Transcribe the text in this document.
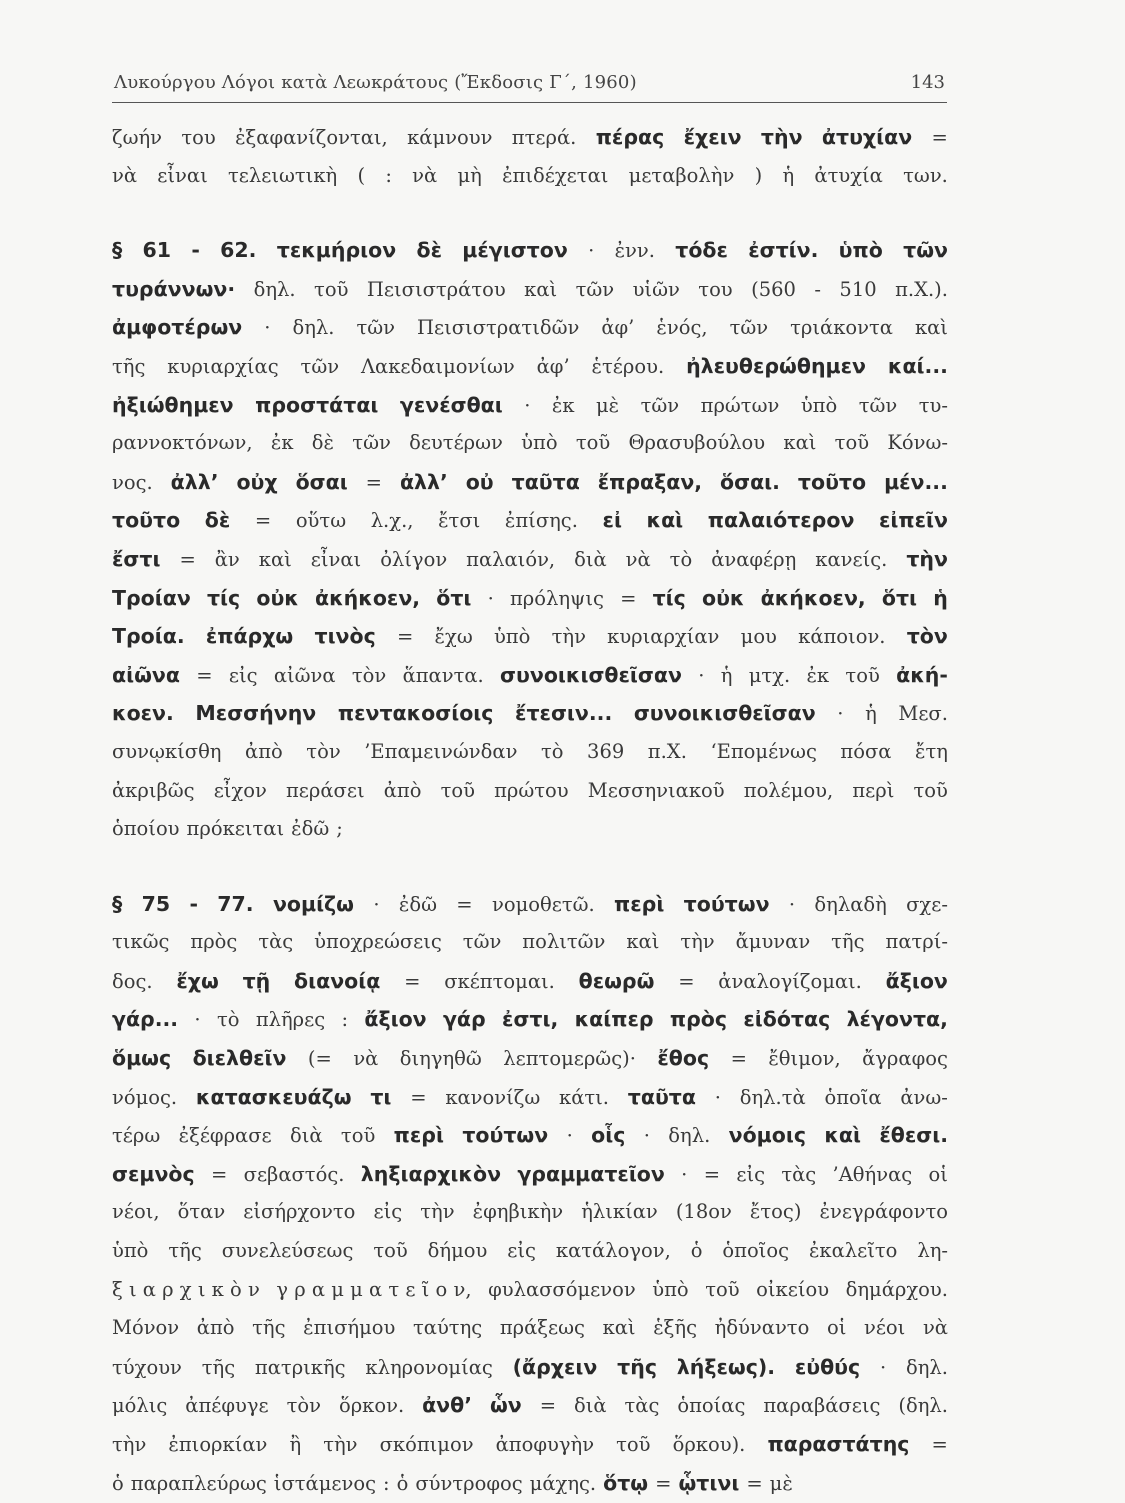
Λυκούργου Λόγοι κατὰ Λεωκράτους (Ἔκδοσις Γ΄, 1960)	143
ζωήν του ἐξαφανίζονται, κάμνουν πτερά. πέρας ἔχειν τὴν ἀτυχίαν =
νὰ εἶναι τελειωτικὴ ( : νὰ μὴ ἐπιδέχεται μεταβολὴν ) ἡ ἀτυχία των.
§ 61 - 62. τεκμήριον δὲ μέγιστον · ἐνν. τόδε ἐστίν. ὑπὸ τῶν
τυράννων· δηλ. τοῦ Πεισιστράτου καὶ τῶν υἱῶν του (560 - 510 π.Χ.).
ἀμφοτέρων · δηλ. τῶν Πεισιστρατιδῶν ἀφ’ ἑνός, τῶν τριάκοντα καὶ
τῆς κυριαρχίας τῶν Λακεδαιμονίων ἀφ’ ἑτέρου. ἠλευθερώθημεν καί...
ἠξιώθημεν προστάται γενέσθαι · ἐκ μὲ τῶν πρώτων ὑπὸ τῶν τυ-
ραννοκτόνων, ἐκ δὲ τῶν δευτέρων ὑπὸ τοῦ Θρασυβούλου καὶ τοῦ Κόνω-
νος. ἀλλ’ οὐχ ὅσαι = ἀλλ’ οὐ ταῦτα ἔπραξαν, ὅσαι. τοῦτο μέν...
τοῦτο δὲ = οὕτω λ.χ., ἔτσι ἐπίσης. εἰ καὶ παλαιότερον εἰπεῖν
ἔστι = ἂν καὶ εἶναι ὀλίγον παλαιόν, διὰ νὰ τὸ ἀναφέρῃ κανείς. τὴν
Τροίαν τίς οὐκ ἀκήκοεν, ὅτι · πρόληψις = τίς οὐκ ἀκήκοεν, ὅτι ἡ
Τροία. ἐπάρχω τινὸς = ἔχω ὑπὸ τὴν κυριαρχίαν μου κάποιον. τὸν
αἰῶνα = εἰς αἰῶνα τὸν ἅπαντα. συνοικισθεῖσαν · ἡ μτχ. ἐκ τοῦ ἀκή-
κοεν. Μεσσήνην πεντακοσίοις ἔτεσιν... συνοικισθεῖσαν · ἡ Μεσ.
συνῳκίσθη ἀπὸ τὸν ’Επαμεινώνδαν τὸ 369 π.Χ. ‘Επομένως πόσα ἔτη
ἀκριβῶς εἶχον περάσει ἀπὸ τοῦ πρώτου Μεσσηνιακοῦ πολέμου, περὶ τοῦ
ὁποίου πρόκειται ἐδῶ ;
§ 75 - 77. νομίζω · ἐδῶ = νομοθετῶ. περὶ τούτων · δηλαδὴ σχε-
τικῶς πρὸς τὰς ὑποχρεώσεις τῶν πολιτῶν καὶ τὴν ἄμυναν τῆς πατρί-
δος. ἔχω τῇ διανοίᾳ = σκέπτομαι. θεωρῶ = ἀναλογίζομαι. ἄξιον
γάρ... · τὸ πλῆρες : ἄξιον γάρ ἐστι, καίπερ πρὸς εἰδότας λέγοντα,
ὅμως διελθεῖν (= νὰ διηγηθῶ λεπτομερῶς)· ἔθος = ἔθιμον, ἄγραφος
νόμος. κατασκευάζω τι = κανονίζω κάτι. ταῦτα · δηλ.τὰ ὁποῖα ἀνω-
τέρω ἐξέφρασε διὰ τοῦ περὶ τούτων · οἷς · δηλ. νόμοις καὶ ἔθεσι.
σεμνὸς = σεβαστός. ληξιαρχικὸν γραμματεῖον · = εἰς τὰς ’Αθήνας οἱ
νέοι, ὅταν εἰσήρχοντο εἰς τὴν ἐφηβικὴν ἡλικίαν (18ον ἔτος) ἐνεγράφοντο
ὑπὸ τῆς συνελεύσεως τοῦ δήμου εἰς κατάλογον, ὁ ὁποῖος ἐκαλεῖτο λη-
ξ ι α ρ χ ι κ ὸ ν γ ρ α μ μ α τ ε ῖ ο ν, φυλασσόμενον ὑπὸ τοῦ οἰκείου δημάρχου.
Μόνον ἀπὸ τῆς ἐπισήμου ταύτης πράξεως καὶ ἑξῆς ἠδύναντο οἱ νέοι νὰ
τύχουν τῆς πατρικῆς κληρονομίας (ἄρχειν τῆς λήξεως). εὐθύς · δηλ.
μόλις ἀπέφυγε τὸν ὅρκον. ἀνθ’ ὧν = διὰ τὰς ὁποίας παραβάσεις (δηλ.
τὴν ἐπιορκίαν ἢ τὴν σκόπιμον ἀποφυγὴν τοῦ ὅρκου). παραστάτης =
ὁ παραπλεύρως ἱστάμενος : ὁ σύντροφος μάχης. ὅτῳ = ᾧτινι = μὲ
